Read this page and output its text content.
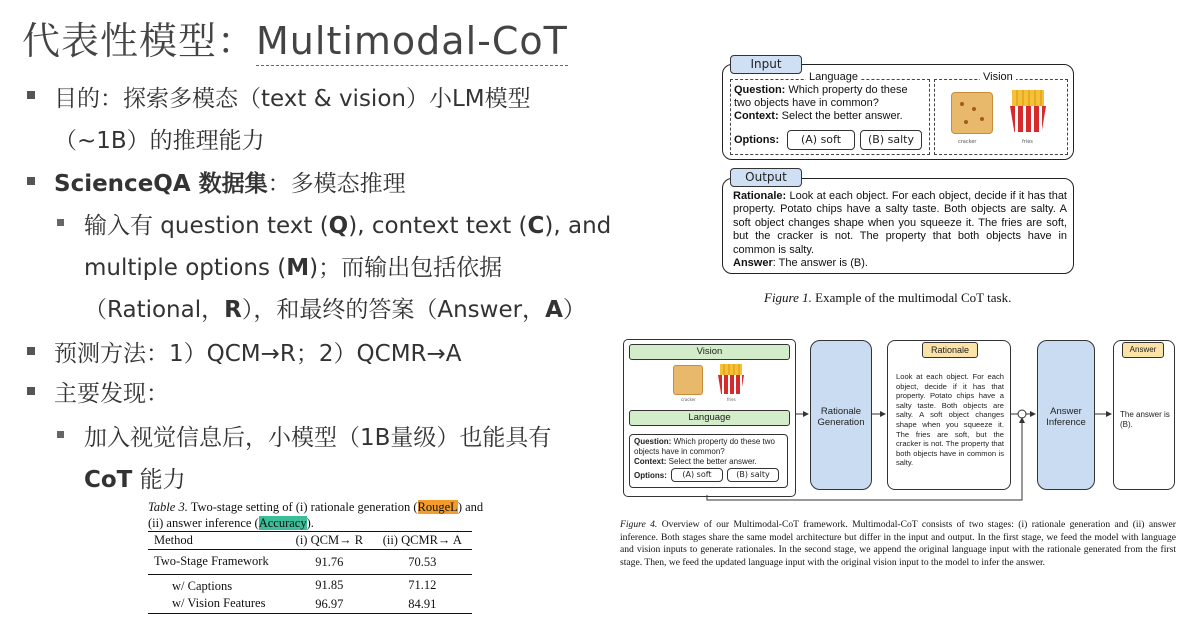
代表性模型：Multimodal-CoT
目的：探索多模态（text & vision）小LM模型
（~1B）的推理能力
ScienceQA 数据集：多模态推理
输入有 question text (Q), context text (C), and
multiple options (M)；而输出包括依据
（Rational，R），和最终的答案（Answer，A）
预测方法：1）QCM→R；2）QCMR→A
主要发现：
加入视觉信息后，小模型（1B量级）也能具有
CoT 能力
Table 3. Two-stage setting of (i) rationale generation (RougeL) and
(ii) answer inference (Accuracy).
Method	(i) QCM→ R	(ii) QCMR→ A
Two-Stage Framework	91.76	70.53
w/ Captions	91.85	71.12
w/ Vision Features	96.97	84.91
Input
Language
Question: Which property do these
two objects have in common?
Context: Select the better answer.
Options:	(A) soft	(B) salty
Vision
cracker	fries
Output
Rationale: Look at each object. For each object, decide if it has that property. Potato chips have a salty taste. Both objects are salty. A soft object changes shape when you squeeze it. The fries are soft, but the cracker is not. The property that both objects have in common is salty.
Answer: The answer is (B).
Figure 1. Example of the multimodal CoT task.
Vision
cracker	fries
Language
Question: Which property do these two objects have in common?
Context: Select the better answer.
Options:	(A) soft	(B) salty
Rationale Generation
Rationale
Look at each object. For each object, decide if it has that property. Potato chips have a salty taste. Both objects are salty. A soft object changes shape when you squeeze it. The fries are soft, but the cracker is not. The property that both objects have in common is salty.
Answer Inference
Answer
The answer is (B).
Figure 4. Overview of our Multimodal-CoT framework. Multimodal-CoT consists of two stages: (i) rationale generation and (ii) answer inference. Both stages share the same model architecture but differ in the input and output. In the first stage, we feed the model with language and vision inputs to generate rationales. In the second stage, we append the original language input with the rationale generated from the first stage. Then, we feed the updated language input with the original vision input to the model to infer the answer.
